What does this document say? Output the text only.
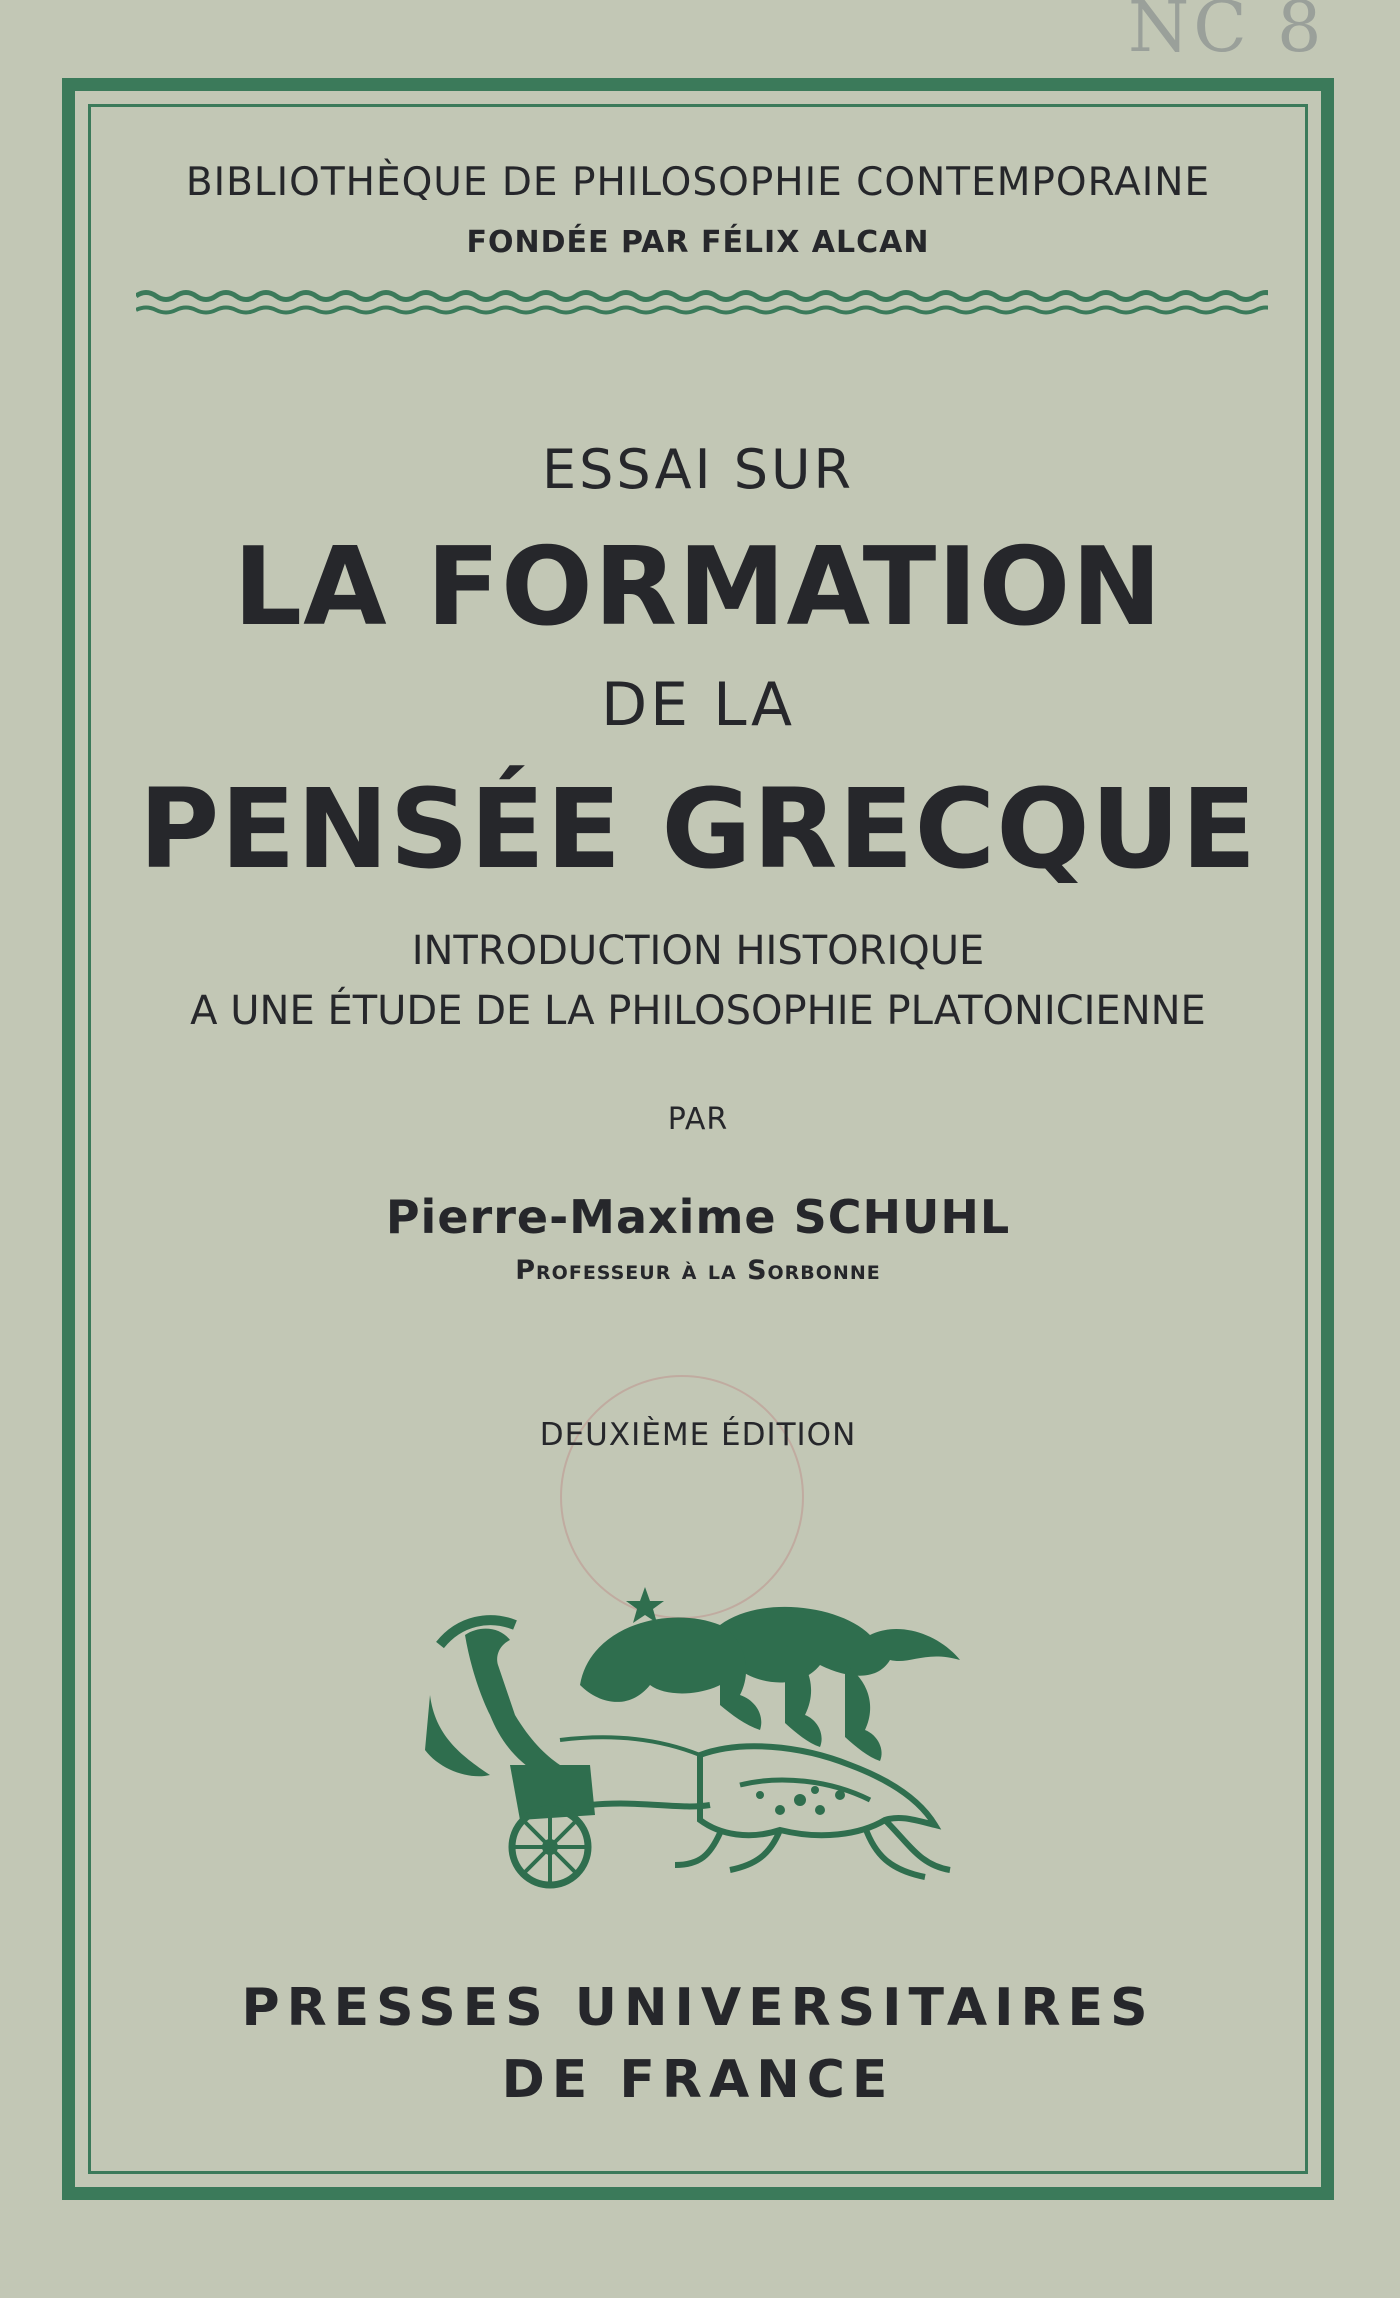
NC 8
BIBLIOTHÈQUE DE PHILOSOPHIE CONTEMPORAINE
FONDÉE PAR FÉLIX ALCAN
ESSAI SUR
LA FORMATION
DE LA
PENSÉE GRECQUE
INTRODUCTION HISTORIQUE
A UNE ÉTUDE DE LA PHILOSOPHIE PLATONICIENNE
PAR
Pierre-Maxime SCHUHL
Professeur à la Sorbonne
DEUXIÈME ÉDITION
PRESSES UNIVERSITAIRES
DE FRANCE
